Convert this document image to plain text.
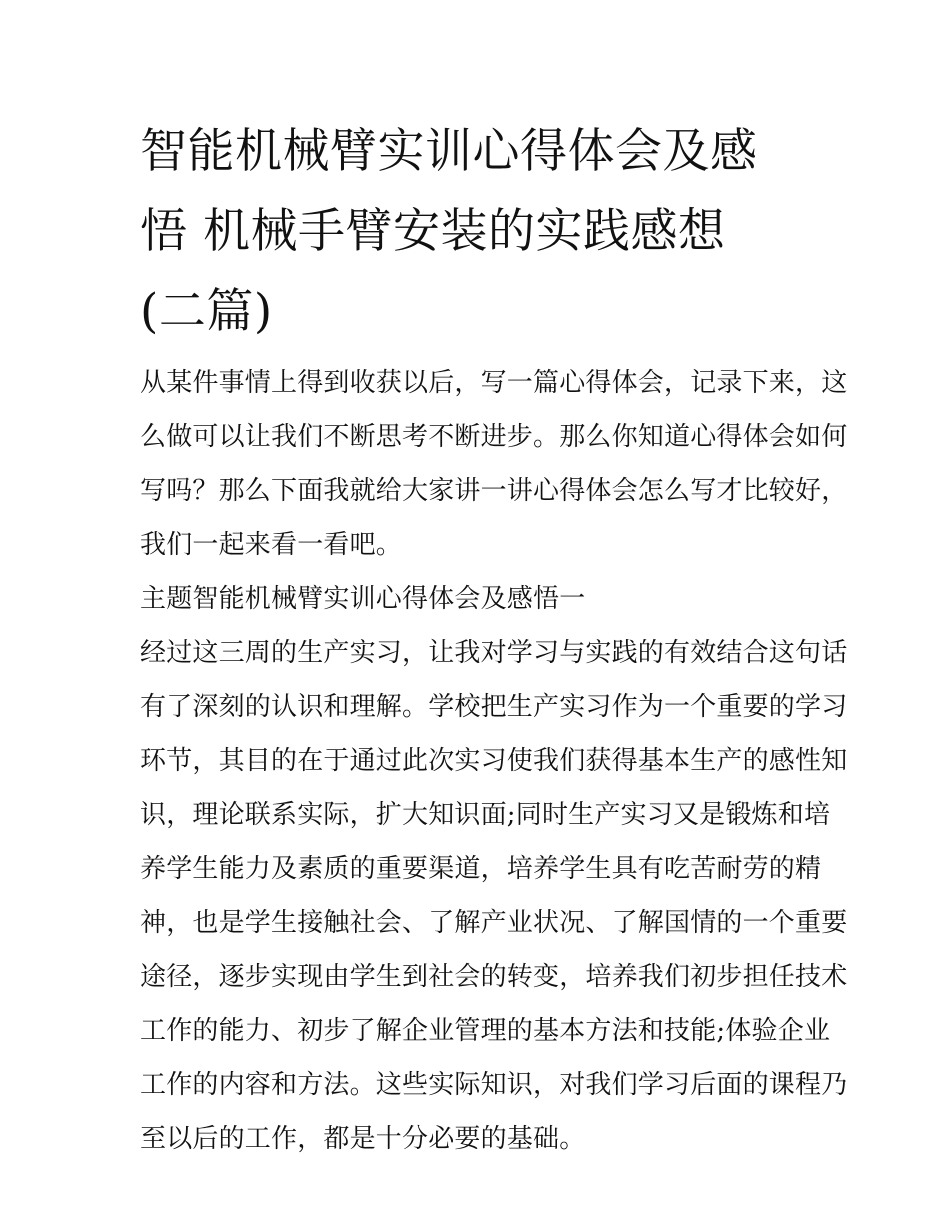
智能机械臂实训心得体会及感
悟 机械手臂安装的实践感想
(二篇)
从某件事情上得到收获以后，写一篇心得体会，记录下来，这
么做可以让我们不断思考不断进步。那么你知道心得体会如何
写吗？那么下面我就给大家讲一讲心得体会怎么写才比较好，
我们一起来看一看吧。
主题智能机械臂实训心得体会及感悟一
经过这三周的生产实习，让我对学习与实践的有效结合这句话
有了深刻的认识和理解。学校把生产实习作为一个重要的学习
环节，其目的在于通过此次实习使我们获得基本生产的感性知
识，理论联系实际，扩大知识面;同时生产实习又是锻炼和培
养学生能力及素质的重要渠道，培养学生具有吃苦耐劳的精
神，也是学生接触社会、了解产业状况、了解国情的一个重要
途径，逐步实现由学生到社会的转变，培养我们初步担任技术
工作的能力、初步了解企业管理的基本方法和技能;体验企业
工作的内容和方法。这些实际知识，对我们学习后面的课程乃
至以后的工作，都是十分必要的基础。
